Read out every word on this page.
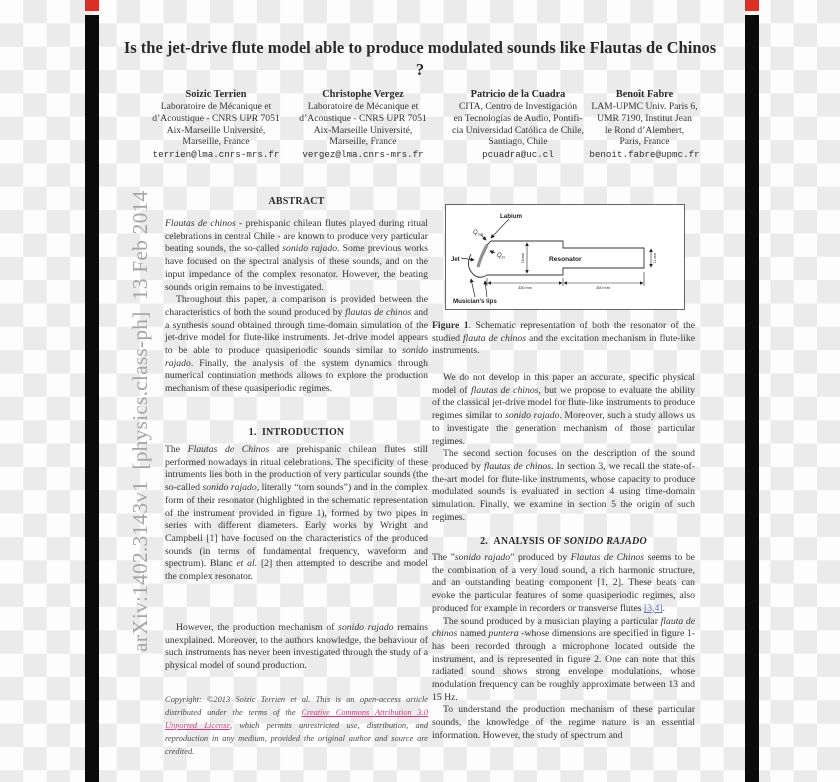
arXiv:1402.3143v1  [physics.class-ph]  13 Feb 2014
Is the jet-drive flute model able to produce modulated sounds like Flautas de Chinos ?
Soizic Terrien
Laboratoire de Mécanique et
d’Acoustique - CNRS UPR 7051
Aix-Marseille Université,
Marseille, France
terrien@lma.cnrs-mrs.fr
Christophe Vergez
Laboratoire de Mécanique et
d’Acoustique - CNRS UPR 7051
Aix-Marseille Université,
Marseille, France
vergez@lma.cnrs-mrs.fr
Patricio de la Cuadra
CITA, Centro de Investigación
en Tecnologías de Audio, Pontifi-
cia Universidad Católica de Chile,
Santiago, Chile
pcuadra@uc.cl
Benoît Fabre
LAM-UPMC Univ. Paris 6,
UMR 7190, Institut Jean
le Rond d’Alembert,
Paris, France
benoit.fabre@upmc.fr
ABSTRACT

Flautas de chinos - prehispanic chilean flutes played during ritual celebrations in central Chile - are known to produce very particular beating sounds, the so-called sonido rajado. Some previous works have focused on the spectral analysis of these sounds, and on the input impedance of the complex resonator. However, the beating sounds origin remains to be investigated.

Throughout this paper, a comparison is provided between the characteristics of both the sound produced by flautas de chinos and a synthesis sound obtained through time-domain simulation of the jet-drive model for flute-like instruments. Jet-drive model appears to be able to produce quasiperiodic sounds similar to sonido rajado. Finally, the analysis of the system dynamics through numerical continuation methods allows to explore the production mechanism of these quasiperiodic regimes.

1.  INTRODUCTION

The Flautas de Chinos are prehispanic chilean flutes still performed nowadays in ritual celebrations. The specificity of these intruments lies both in the production of very particular sounds (the so-called sonido rajado, literally “torn sounds”) and in the complex form of their resonator (highlighted in the schematic representation of the instrument provided in figure 1), formed by two pipes in series with different diameters. Early works by Wright and Campbell [1] have focused on the characteristics of the produced sounds (in terms of fundamental frequency, waveform and spectrum). Blanc et al. [2] then attempted to describe and model the complex resonator.

However, the production mechanism of sonido rajado remains unexplained. Moreover, to the authors knowledge, the behaviour of such instruments has never been investigated through the study of a physical model of sound production.

Copyright: ©2013 Soizic Terrien et al. This is an open-access article distributed under the terms of the Creative Commons Attribution 3.0 Unported License, which permits unrestricted use, distribution, and reproduction in any medium, provided the original author and source are credited.

Labium
Jet
$Q_{out}$
$Q_{in}$	Resonator
Musician's lips
330 mm	300 mm
18 mm	11 mm

Figure 1. Schematic representation of both the resonator of the studied flauta de chinos and the excitation mechanism in flute-like instruments.

We do not develop in this paper an accurate, specific physical model of flautas de chinos, but we propose to evaluate the ability of the classical jet-drive model for flute-like instruments to produce regimes similar to sonido rajado. Moreover, such a study allows us to investigate the generation mechanism of those particular regimes.

The second section focuses on the description of the sound produced by flautas de chinos. In section 3, we recall the state-of-the-art model for flute-like instruments, whose capacity to produce modulated sounds is evaluated in section 4 using time-domain simulation. Finally, we examine in section 5 the origin of such regimes.

2.  ANALYSIS OF SONIDO RAJADO

The ”sonido rajado” produced by Flautas de Chinos seems to be the combination of a very loud sound, a rich harmonic structure, and an outstanding beating component [1, 2]. These beats can evoke the particular features of some quasiperiodic regimes, also produced for example in recorders or transverse flutes [3,4].

The sound produced by a musician playing a particular flauta de chinos named puntera -whose dimensions are specified in figure 1- has been recorded through a microphone located outside the instrument, and is represented in figure 2. One can note that this radiated sound shows strong envelope modulations, whose modulation frequency can be roughly approximate between 13 and 15 Hz.

To understand the production mechanism of these particular sounds, the knowledge of the regime nature is an essential information. However, the study of spectrum and
